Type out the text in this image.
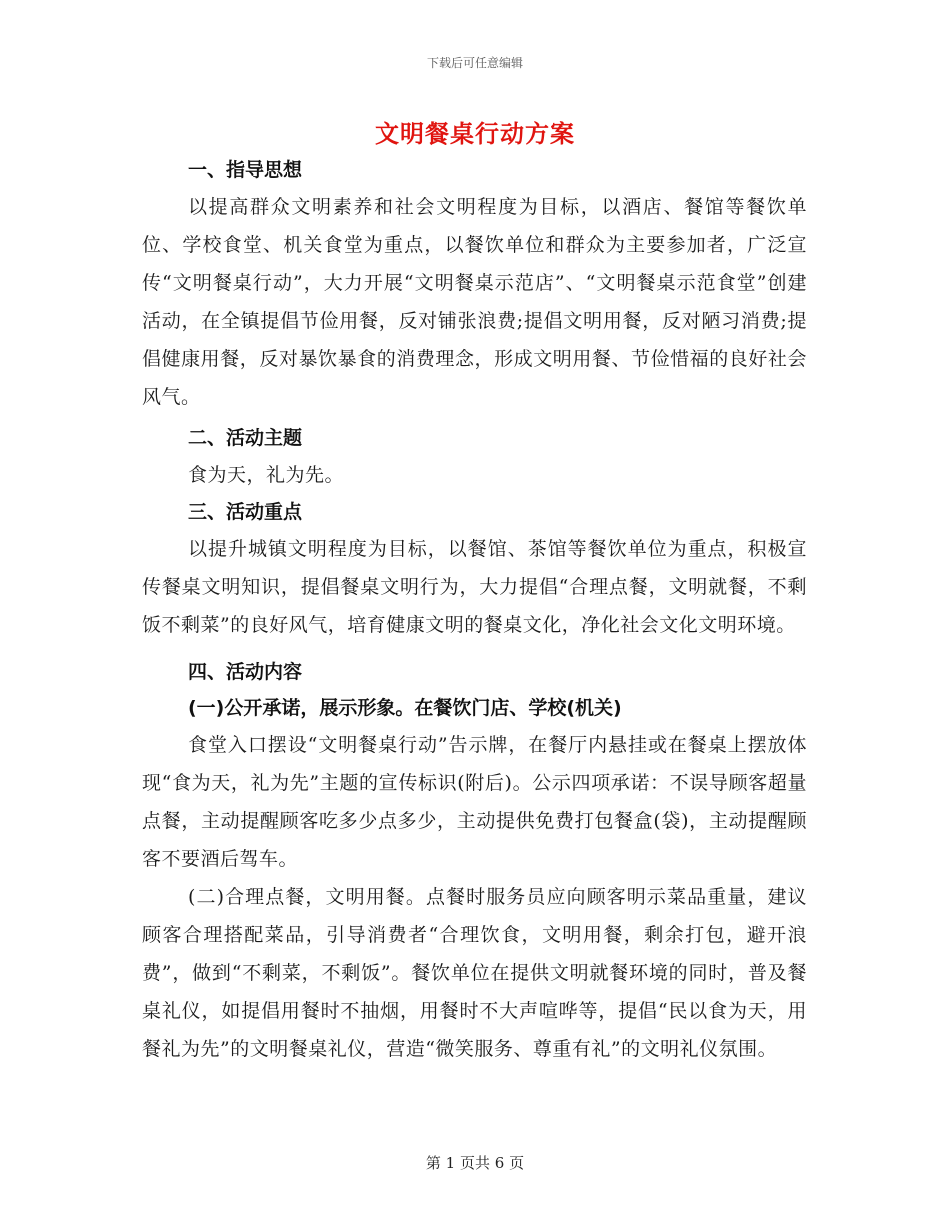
下载后可任意编辑
文明餐桌行动方案

一、指导思想

以提高群众文明素养和社会文明程度为目标，以酒店、餐馆等餐饮单位、学校食堂、机关食堂为重点，以餐饮单位和群众为主要参加者，广泛宣传“文明餐桌行动”，大力开展“文明餐桌示范店”、“文明餐桌示范食堂”创建活动，在全镇提倡节俭用餐，反对铺张浪费;提倡文明用餐，反对陋习消费;提倡健康用餐，反对暴饮暴食的消费理念，形成文明用餐、节俭惜福的良好社会风气。

二、活动主题

食为天，礼为先。

三、活动重点

以提升城镇文明程度为目标，以餐馆、茶馆等餐饮单位为重点，积极宣传餐桌文明知识，提倡餐桌文明行为，大力提倡“合理点餐，文明就餐，不剩饭不剩菜”的良好风气，培育健康文明的餐桌文化，净化社会文化文明环境。

四、活动内容

(一)公开承诺，展示形象。在餐饮门店、学校(机关)

食堂入口摆设“文明餐桌行动”告示牌，在餐厅内悬挂或在餐桌上摆放体现“食为天，礼为先”主题的宣传标识(附后)。公示四项承诺：不误导顾客超量点餐，主动提醒顾客吃多少点多少，主动提供免费打包餐盒(袋)，主动提醒顾客不要酒后驾车。

(二)合理点餐，文明用餐。点餐时服务员应向顾客明示菜品重量，建议顾客合理搭配菜品，引导消费者“合理饮食，文明用餐，剩余打包，避开浪费”，做到“不剩菜，不剩饭”。餐饮单位在提供文明就餐环境的同时，普及餐桌礼仪，如提倡用餐时不抽烟，用餐时不大声喧哗等，提倡“民以食为天，用餐礼为先”的文明餐桌礼仪，营造“微笑服务、尊重有礼”的文明礼仪氛围。

第 1 页共 6 页
